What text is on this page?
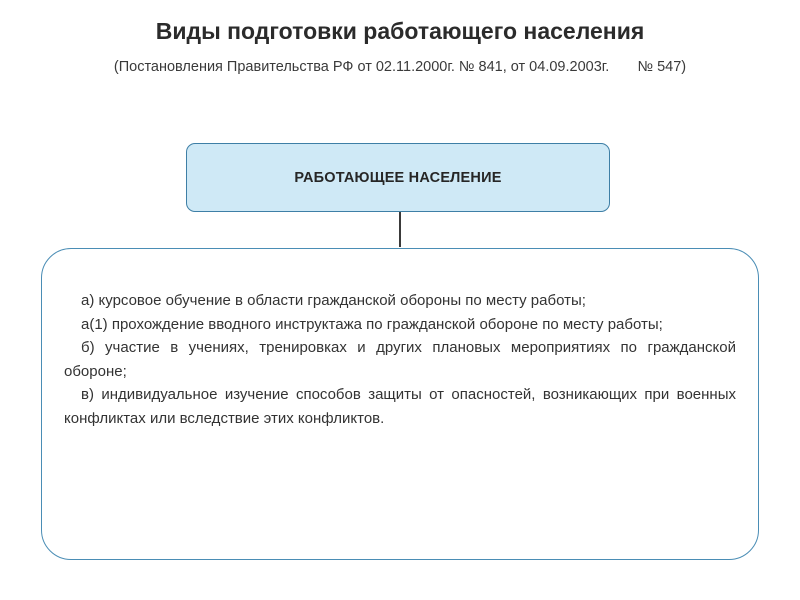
Виды подготовки работающего населения
(Постановления Правительства РФ от 02.11.2000г. № 841, от 04.09.2003г.       № 547)
РАБОТАЮЩЕЕ НАСЕЛЕНИЕ
а) курсовое обучение в области гражданской обороны по месту работы;
а(1) прохождение вводного инструктажа по гражданской обороне по месту работы;
б) участие в учениях, тренировках и других плановых мероприятиях по гражданской обороне;
в) индивидуальное изучение способов защиты от опасностей, возникающих при военных конфликтах или вследствие этих конфликтов.
